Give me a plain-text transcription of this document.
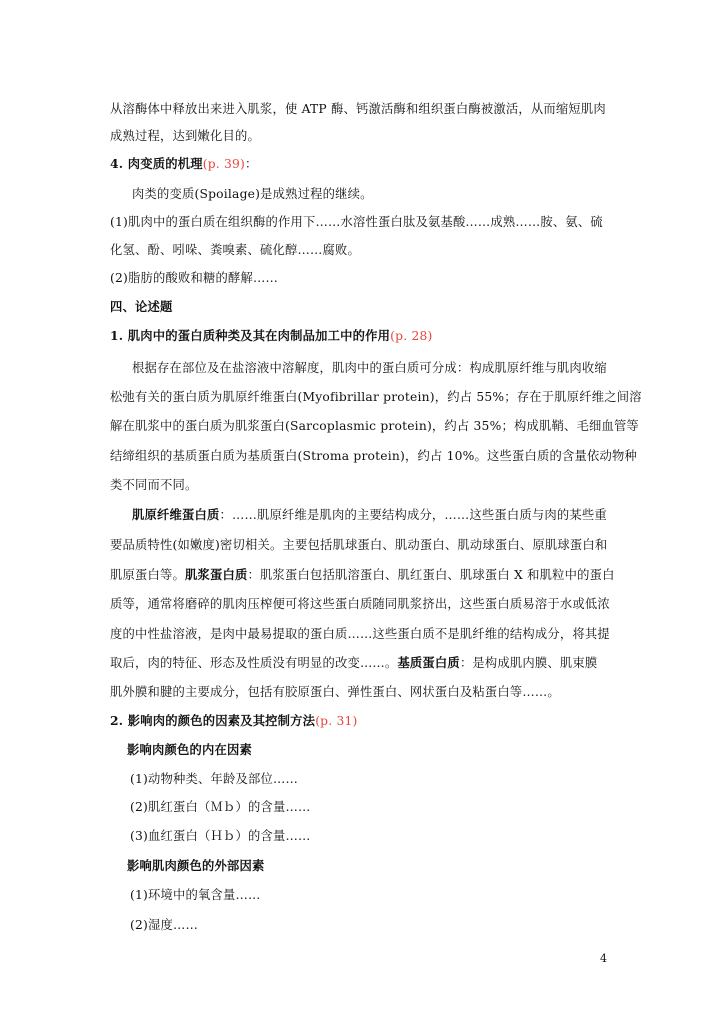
从溶酶体中释放出来进入肌浆，使 ATP 酶、钙激活酶和组织蛋白酶被激活，从而缩短肌肉
成熟过程，达到嫩化目的。
4. 肉变质的机理(p. 39)：
肉类的变质(Spoilage)是成熟过程的继续。
(1)肌肉中的蛋白质在组织酶的作用下……水溶性蛋白肽及氨基酸……成熟……胺、氨、硫
化氢、酚、吲哚、粪嗅素、硫化醇……腐败。
(2)脂肪的酸败和糖的酵解……
四、论述题
1. 肌肉中的蛋白质种类及其在肉制品加工中的作用(p. 28)
根据存在部位及在盐溶液中溶解度，肌肉中的蛋白质可分成：构成肌原纤维与肌肉收缩
松弛有关的蛋白质为肌原纤维蛋白(Myofibrillar protein)，约占 55%；存在于肌原纤维之间溶
解在肌浆中的蛋白质为肌浆蛋白(Sarcoplasmic protein)，约占 35%；构成肌鞘、毛细血管等
结缔组织的基质蛋白质为基质蛋白(Stroma protein)，约占 10%。这些蛋白质的含量依动物种
类不同而不同。
肌原纤维蛋白质：……肌原纤维是肌肉的主要结构成分，……这些蛋白质与肉的某些重
要品质特性(如嫩度)密切相关。主要包括肌球蛋白、肌动蛋白、肌动球蛋白、原肌球蛋白和
肌原蛋白等。肌浆蛋白质：肌浆蛋白包括肌溶蛋白、肌红蛋白、肌球蛋白 X 和肌粒中的蛋白
质等，通常将磨碎的肌肉压榨便可将这些蛋白质随同肌浆挤出，这些蛋白质易溶于水或低浓
度的中性盐溶液，是肉中最易提取的蛋白质……这些蛋白质不是肌纤维的结构成分，将其提
取后，肉的特征、形态及性质没有明显的改变……。基质蛋白质：是构成肌内膜、肌束膜
肌外膜和腱的主要成分，包括有胶原蛋白、弹性蛋白、网状蛋白及粘蛋白等……。
2. 影响肉的颜色的因素及其控制方法(p. 31)
影响肉颜色的内在因素
(1)动物种类、年龄及部位……
(2)肌红蛋白（Ｍｂ）的含量……
(3)血红蛋白（Ｈｂ）的含量……
影响肌肉颜色的外部因素
(1)环境中的氧含量……
(2)湿度……
4
